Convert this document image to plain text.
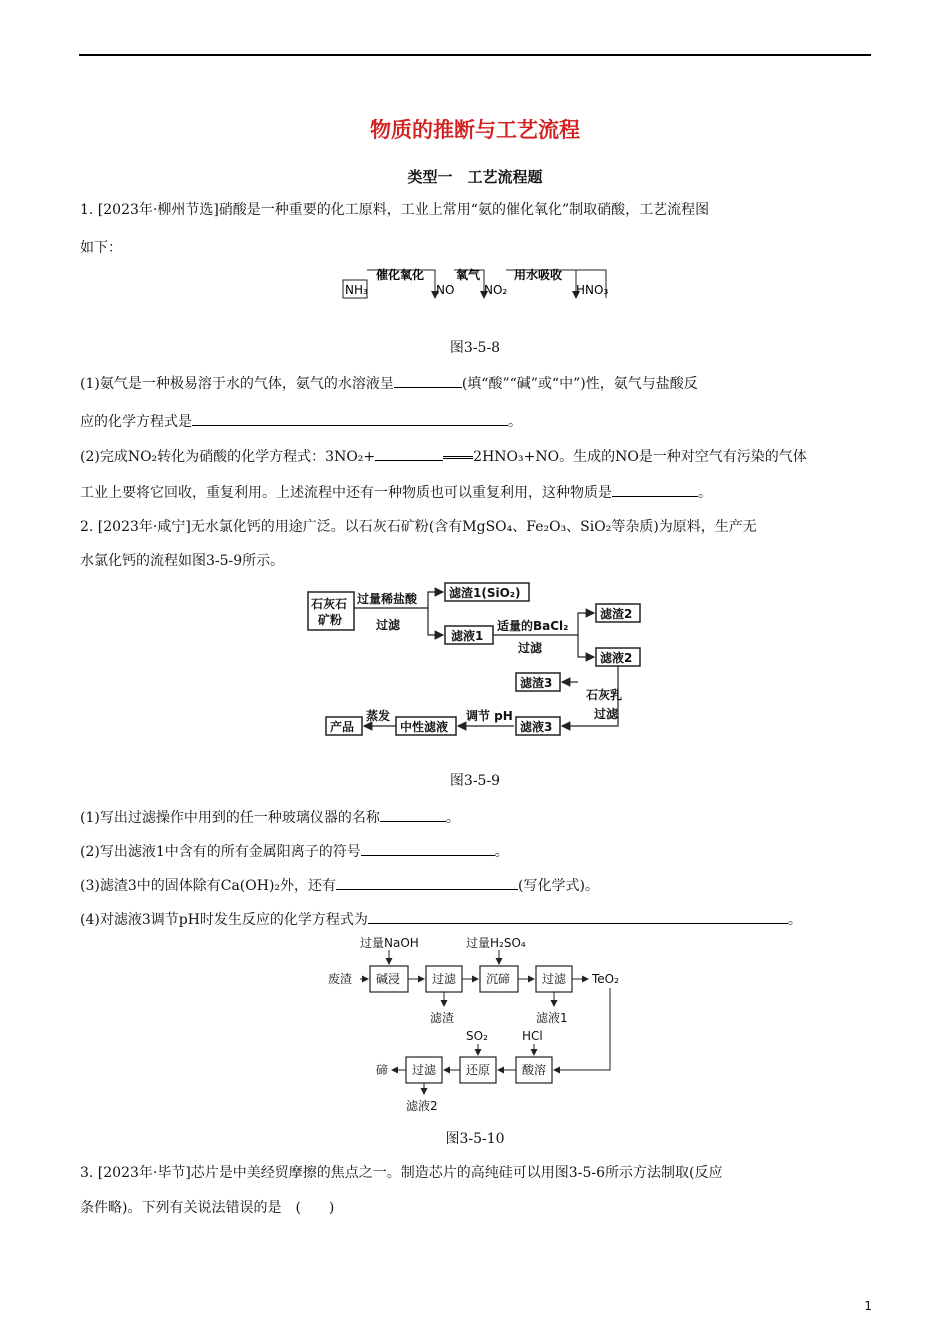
物质的推断与工艺流程
类型一　工艺流程题
1. [2023年·柳州节选]硝酸是一种重要的化工原料，工业上常用“氨的催化氧化”制取硝酸，工艺流程图
如下：
NH₃
催化氧化
NO
氧气
NO₂
用水吸收
HNO₃
图3-5-8
(1)氨气是一种极易溶于水的气体，氨气的水溶液呈	(填“酸”“碱”或“中”)性，氨气与盐酸反
应的化学方程式是	。
(2)完成NO₂转化为硝酸的化学方程式：3NO₂+	2HNO₃+NO。生成的NO是一种对空气有污染的气体
工业上要将它回收，重复利用。上述流程中还有一种物质也可以重复利用，这种物质是	。
2. [2023年·咸宁]无水氯化钙的用途广泛。以石灰石矿粉(含有MgSO₄、Fe₂O₃、SiO₂等杂质)为原料，生产无
水氯化钙的流程如图3-5-9所示。
石灰石
矿粉
过量稀盐酸
过滤
滤渣1(SiO₂)
滤液1
适量的BaCl₂
过滤
滤渣2
滤液2
石灰乳
过滤
滤渣3
滤液3
调节 pH
中性滤液
蒸发
产品
图3-5-9
(1)写出过滤操作中用到的任一种玻璃仪器的名称	。
(2)写出滤液1中含有的所有金属阳离子的符号	。
(3)滤渣3中的固体除有Ca(OH)₂外，还有	(写化学式)。
(4)对滤液3调节pH时发生反应的化学方程式为	。
过量NaOH	过量H₂SO₄
废渣 碱浸	过滤 沉碲	过滤 TeO₂
滤渣	滤液1
SO₂	HCl
碲 过滤 还原	酸溶
滤液2
图3-5-10
3. [2023年·毕节]芯片是中美经贸摩擦的焦点之一。制造芯片的高纯硅可以用图3-5-6所示方法制取(反应
条件略)。下列有关说法错误的是　(　　)
1
